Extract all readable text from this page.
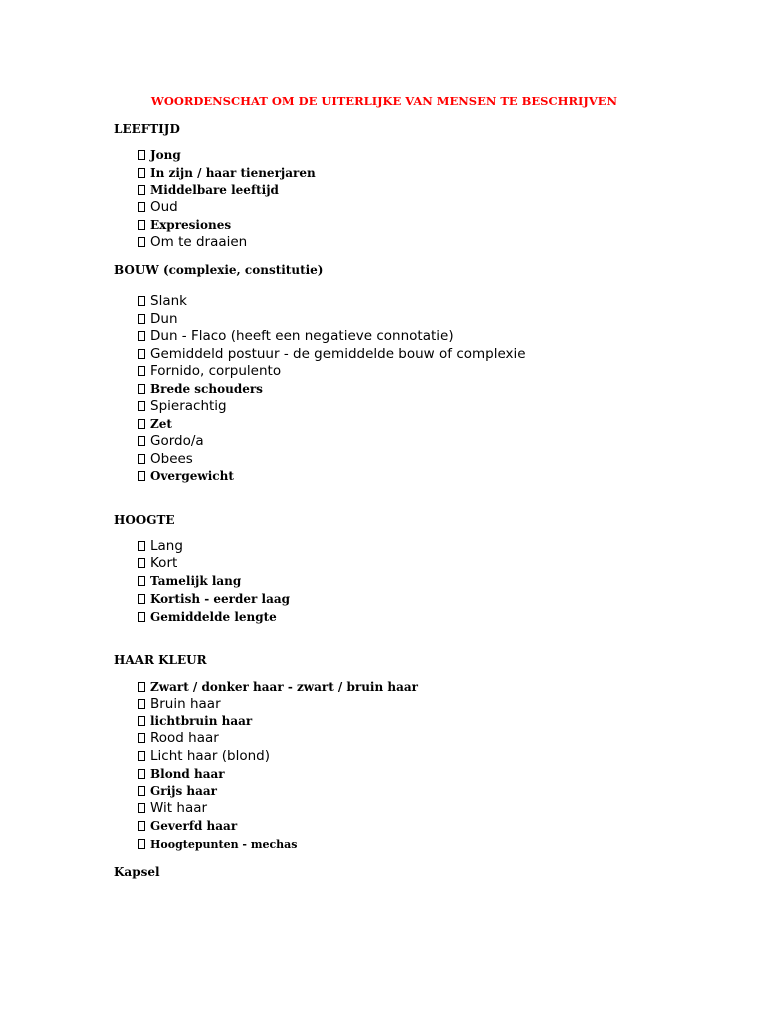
WOORDENSCHAT OM DE UITERLIJKE VAN MENSEN TE BESCHRIJVEN
LEEFTIJD
Jong
In zijn / haar tienerjaren
Middelbare leeftijd
Oud
Expresiones
Om te draaien
BOUW (complexie, constitutie)
Slank
Dun
Dun - Flaco (heeft een negatieve connotatie)
Gemiddeld postuur - de gemiddelde bouw of complexie
Fornido, corpulento
Brede schouders
Spierachtig
Zet
Gordo/a
Obees
Overgewicht
HOOGTE
Lang
Kort
Tamelijk lang
Kortish - eerder laag
Gemiddelde lengte
HAAR KLEUR
Zwart / donker haar - zwart / bruin haar
Bruin haar
lichtbruin haar
Rood haar
Licht haar (blond)
Blond haar
Grijs haar
Wit haar
Geverfd haar
Hoogtepunten - mechas
Kapsel
